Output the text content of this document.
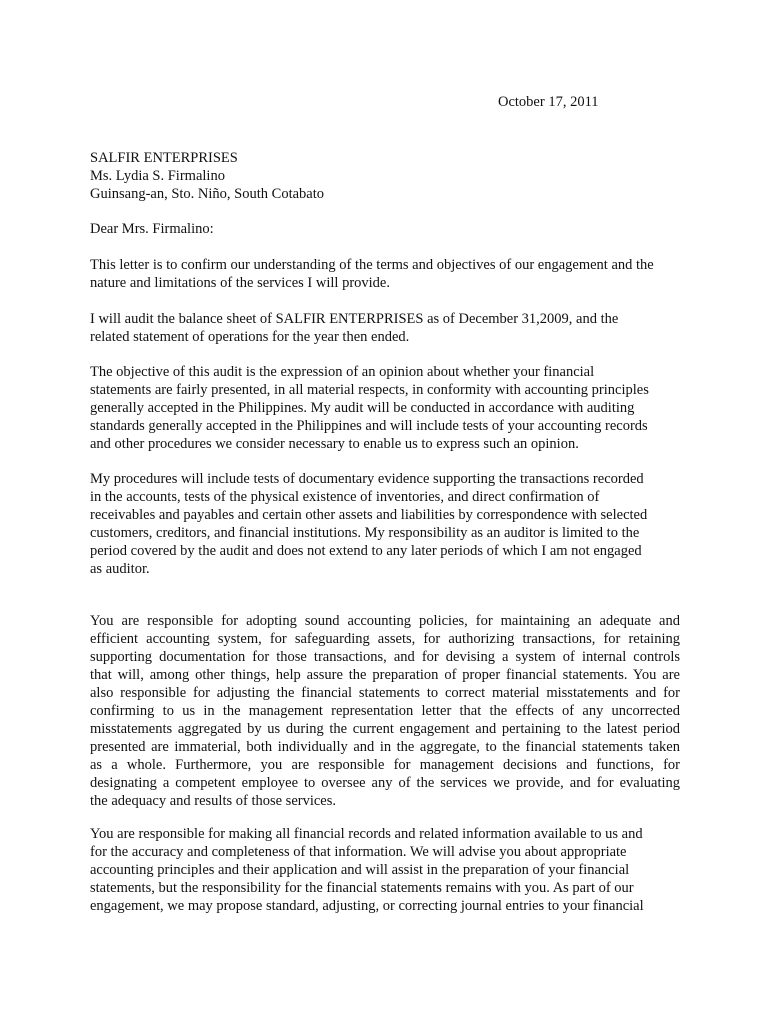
October 17, 2011
SALFIR ENTERPRISES
Ms. Lydia S. Firmalino
Guinsang-an, Sto. Niño, South Cotabato
Dear Mrs. Firmalino:
This letter is to confirm our understanding of the terms and objectives of our engagement and the
nature and limitations of the services I will provide.
I will audit the balance sheet of SALFIR ENTERPRISES as of December 31,2009, and the
related statement of operations for the year then ended.
The objective of this audit is the expression of an opinion about whether your financial
statements are fairly presented, in all material respects, in conformity with accounting principles
generally accepted in the Philippines. My audit will be conducted in accordance with auditing
standards generally accepted in the Philippines and will include tests of your accounting records
and other procedures we consider necessary to enable us to express such an opinion.
My procedures will include tests of documentary evidence supporting the transactions recorded
in the accounts, tests of the physical existence of inventories, and direct confirmation of
receivables and payables and certain other assets and liabilities by correspondence with selected
customers, creditors, and financial institutions. My responsibility as an auditor is limited to the
period covered by the audit and does not extend to any later periods of which I am not engaged
as auditor.
You are responsible for adopting sound accounting policies, for maintaining an adequate and
efficient accounting system, for safeguarding assets, for authorizing transactions, for retaining
supporting documentation for those transactions, and for devising a system of internal controls
that will, among other things, help assure the preparation of proper financial statements. You are
also responsible for adjusting the financial statements to correct material misstatements and for
confirming to us in the management representation letter that the effects of any uncorrected
misstatements aggregated by us during the current engagement and pertaining to the latest period
presented are immaterial, both individually and in the aggregate, to the financial statements taken
as a whole. Furthermore, you are responsible for management decisions and functions, for
designating a competent employee to oversee any of the services we provide, and for evaluating
the adequacy and results of those services.
You are responsible for making all financial records and related information available to us and
for the accuracy and completeness of that information. We will advise you about appropriate
accounting principles and their application and will assist in the preparation of your financial
statements, but the responsibility for the financial statements remains with you. As part of our
engagement, we may propose standard, adjusting, or correcting journal entries to your financial
